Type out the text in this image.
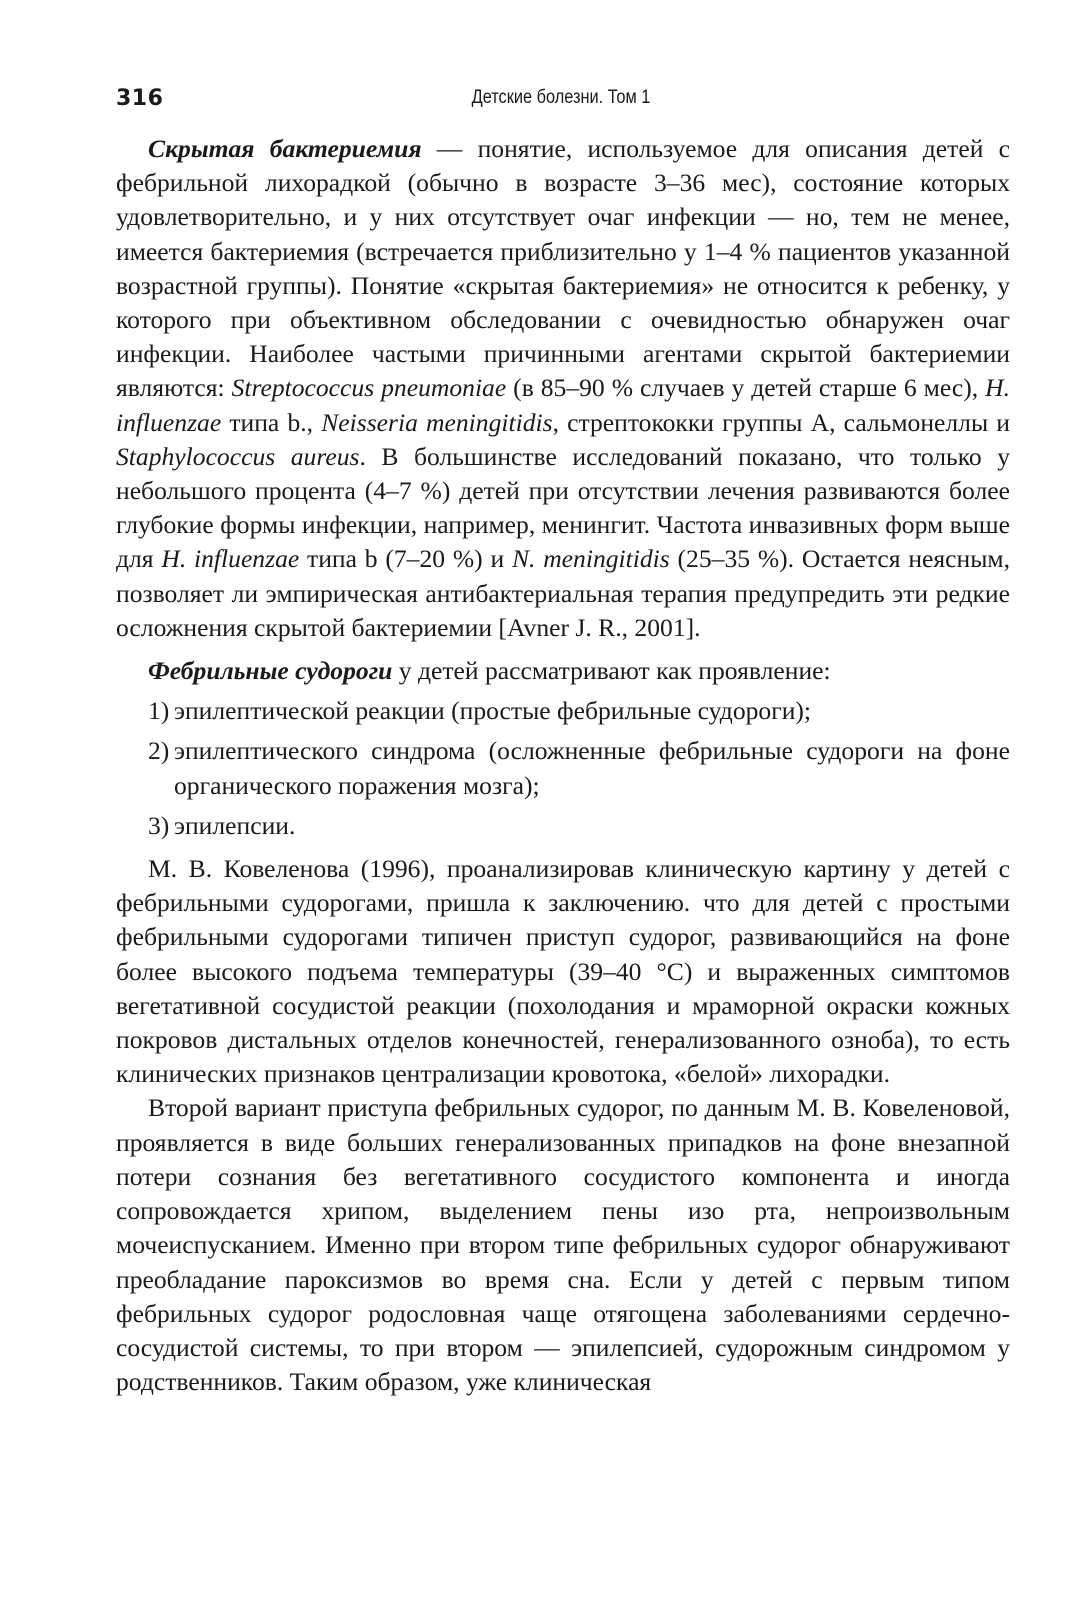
316	Детские болезни. Том 1

Скрытая бактериемия — понятие, используемое для описания детей с фебрильной лихорадкой (обычно в возрасте 3–36 мес), состояние которых удовлетворительно, и у них отсутствует очаг инфекции — но, тем не менее, имеется бактериемия (встречается приблизительно у 1–4 % пациентов указанной возрастной группы). Понятие «скрытая бактериемия» не относится к ребенку, у которого при объективном обследовании с очевидностью обнаружен очаг инфекции. Наиболее частыми причинными агентами скрытой бактериемии являются: Streptococcus pneumoniae (в 85–90 % случаев у детей старше 6 мес), H. influenzae типа b., Neisseria meningitidis, стрептококки группы А, сальмонеллы и Staphylococcus aureus. В большинстве исследований показано, что только у небольшого процента (4–7 %) детей при отсутствии лечения развиваются более глубокие формы инфекции, например, менингит. Частота инвазивных форм выше для H. influenzae типа b (7–20 %) и N. meningitidis (25–35 %). Остается неясным, позволяет ли эмпирическая антибактериальная терапия предупредить эти редкие осложнения скрытой бактериемии [Avner J. R., 2001].

Фебрильные судороги у детей рассматривают как проявление:

1) эпилептической реакции (простые фебрильные судороги);
2) эпилептического синдрома (осложненные фебрильные судороги на фоне органического поражения мозга);
3) эпилепсии.

М. В. Ковеленова (1996), проанализировав клиническую картину у детей с фебрильными судорогами, пришла к заключению. что для детей с простыми фебрильными судорогами типичен приступ судорог, развивающийся на фоне более высокого подъема температуры (39–40 °С) и выраженных симптомов вегетативной сосудистой реакции (похолодания и мраморной окраски кожных покровов дистальных отделов конечностей, генерализованного озноба), то есть клинических признаков централизации кровотока, «белой» лихорадки.

Второй вариант приступа фебрильных судорог, по данным М. В. Ковеленовой, проявляется в виде больших генерализованных припадков на фоне внезапной потери сознания без вегетативного сосудистого компонента и иногда сопровождается хрипом, выделением пены изо рта, непроизвольным мочеиспусканием. Именно при втором типе фебрильных судорог обнаруживают преобладание пароксизмов во время сна. Если у детей с первым типом фебрильных судорог родословная чаще отягощена заболеваниями сердечно-сосудистой системы, то при втором — эпилепсией, судорожным синдромом у родственников. Таким образом, уже клиническая
